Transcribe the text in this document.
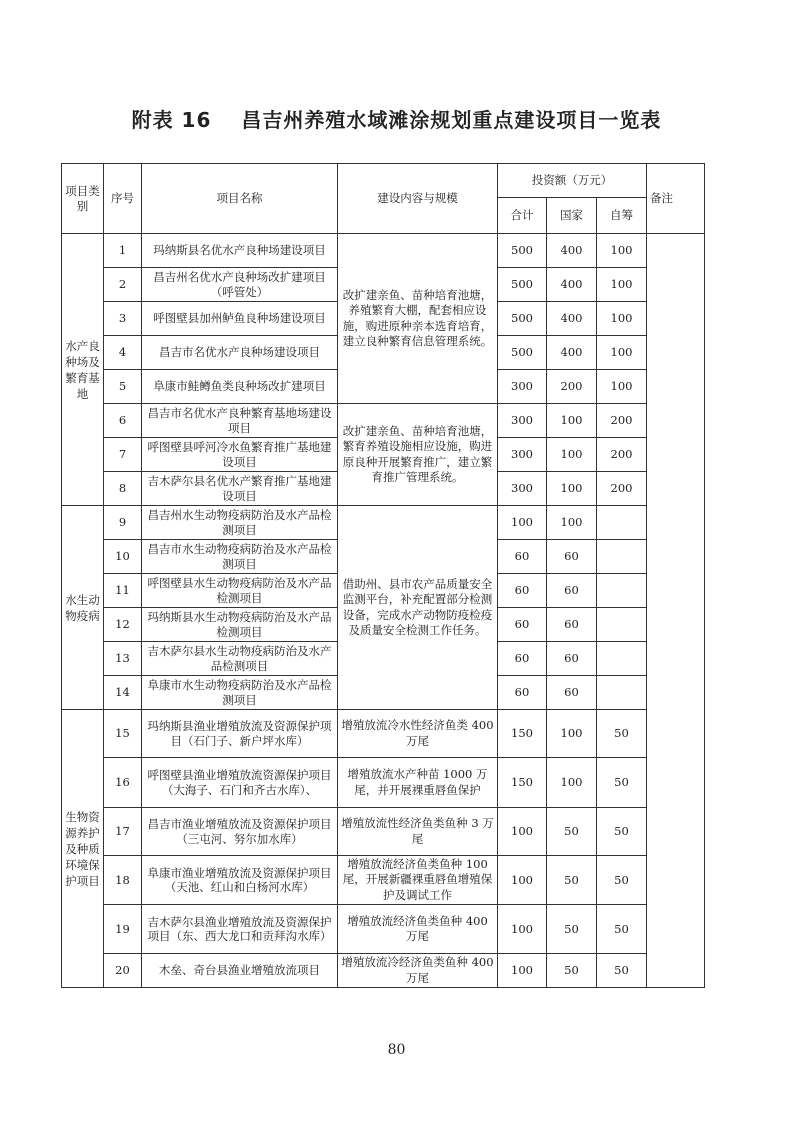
附表 16 昌吉州养殖水域滩涂规划重点建设项目一览表
项目类别	序号	项目名称	建设内容与规模	投资额（万元）			备注
				合计	国家	自筹	
水产良种场及繁育基地	1	玛纳斯县名优水产良种场建设项目	改扩建亲鱼、苗种培育池塘，养殖繁育大棚，配套相应设施，购进原种亲本选育培育，建立良种繁育信息管理系统。	500	400	100	
	2	昌吉州名优水产良种场改扩建项目（呼管处）		500	400	100	
	3	呼图壁县加州鲈鱼良种场建设项目		500	400	100	
	4	昌吉市名优水产良种场建设项目		500	400	100	
	5	阜康市鲑鳟鱼类良种场改扩建项目		300	200	100	
	6	昌吉市名优水产良种繁育基地场建设项目	改扩建亲鱼、苗种培育池塘，繁育养殖设施相应设施，购进原良种开展繁育推广，建立繁育推广管理系统。	300	100	200	
	7	呼图壁县呼河冷水鱼繁育推广基地建设项目		300	100	200	
	8	吉木萨尔县名优水产繁育推广基地建设项目		300	100	200	
水生动物疫病	9	昌吉州水生动物疫病防治及水产品检测项目	借助州、县市农产品质量安全监测平台，补充配置部分检测设备，完成水产动物防疫检疫及质量安全检测工作任务。	100	100		
	10	昌吉市水生动物疫病防治及水产品检测项目		60	60		
	11	呼图壁县水生动物疫病防治及水产品检测项目		60	60		
	12	玛纳斯县水生动物疫病防治及水产品检测项目		60	60		
	13	吉木萨尔县水生动物疫病防治及水产品检测项目		60	60		
	14	阜康市水生动物疫病防治及水产品检测项目		60	60		
生物资源养护及种质环境保护项目	15	玛纳斯县渔业增殖放流及资源保护项目（石门子、新户坪水库）	增殖放流冷水性经济鱼类 400 万尾	150	100	50	
	16	呼图壁县渔业增殖放流资源保护项目（大海子、石门和齐古水库）、	增殖放流水产种苗 1000 万尾，并开展裸重唇鱼保护	150	100	50	
	17	昌吉市渔业增殖放流及资源保护项目（三屯河、努尔加水库）	增殖放流性经济鱼类鱼种 3 万尾	100	50	50	
	18	阜康市渔业增殖放流及资源保护项目（天池、红山和白杨河水库）	增殖放流经济鱼类鱼种 100 尾，开展新疆裸重唇鱼增殖保护及调试工作	100	50	50	
	19	吉木萨尔县渔业增殖放流及资源保护项目（东、西大龙口和贡拜沟水库）	增殖放流经济鱼类鱼种 400 万尾	100	50	50	
	20	木垒、奇台县渔业增殖放流项目	增殖放流冷经济鱼类鱼种 400 万尾	100	50	50	
80
